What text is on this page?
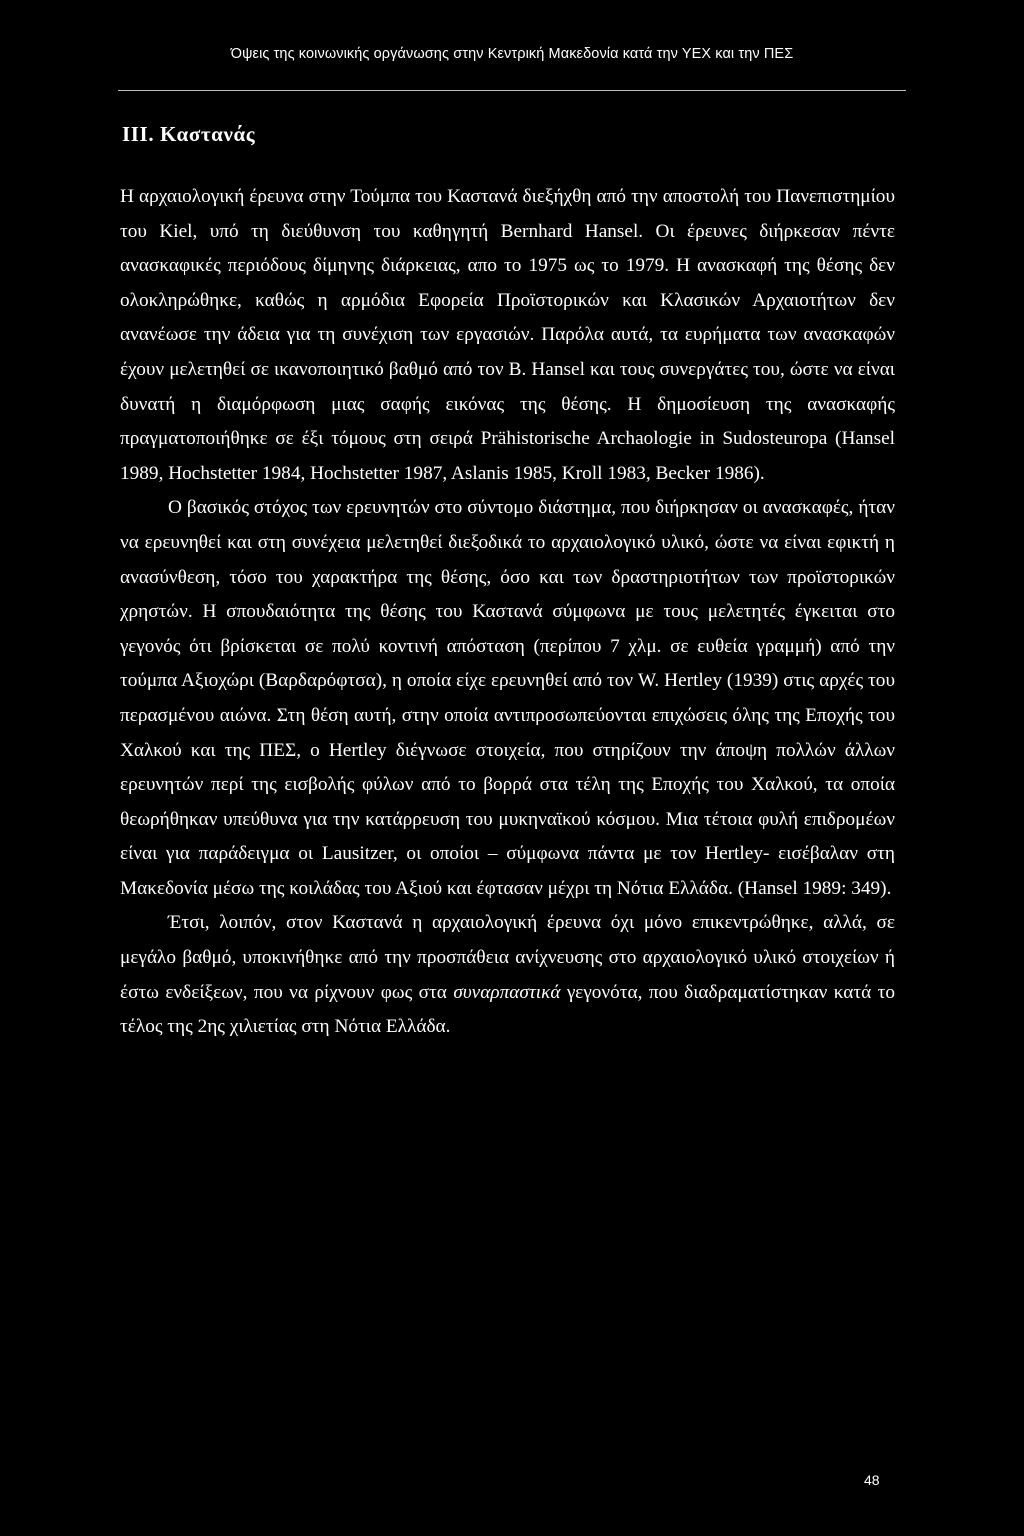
Όψεις της κοινωνικής οργάνωσης στην Κεντρική Μακεδονία κατά την ΥΕΧ και την ΠΕΣ
III. Καστανάς

Η αρχαιολογική έρευνα στην Τούμπα του Καστανά διεξήχθη από την αποστολή του Πανεπιστημίου του Kiel, υπό τη διεύθυνση του καθηγητή Bernhard Hansel. Οι έρευνες διήρκεσαν πέντε ανασκαφικές περιόδους δίμηνης διάρκειας, απο το 1975 ως το 1979. Η ανασκαφή της θέσης δεν ολοκληρώθηκε, καθώς η αρμόδια Εφορεία Προϊστορικών και Κλασικών Αρχαιοτήτων δεν ανανέωσε την άδεια για τη συνέχιση των εργασιών. Παρόλα αυτά, τα ευρήματα των ανασκαφών έχουν μελετηθεί σε ικανοποιητικό βαθμό από τον Β. Hansel και τους συνεργάτες του, ώστε να είναι δυνατή η διαμόρφωση μιας σαφής εικόνας της θέσης. Η δημοσίευση της ανασκαφής πραγματοποιήθηκε σε έξι τόμους στη σειρά Prähistorische Archaologie in Sudosteuropa (Hansel 1989, Hochstetter 1984, Hochstetter 1987, Aslanis 1985, Kroll 1983, Becker 1986).

Ο βασικός στόχος των ερευνητών στο σύντομο διάστημα, που διήρκησαν οι ανασκαφές, ήταν να ερευνηθεί και στη συνέχεια μελετηθεί διεξοδικά το αρχαιολογικό υλικό, ώστε να είναι εφικτή η ανασύνθεση, τόσο του χαρακτήρα της θέσης, όσο και των δραστηριοτήτων των προϊστορικών χρηστών. Η σπουδαιότητα της θέσης του Καστανά σύμφωνα με τους μελετητές έγκειται στο γεγονός ότι βρίσκεται σε πολύ κοντινή απόσταση (περίπου 7 χλμ. σε ευθεία γραμμή) από την τούμπα Αξιοχώρι (Βαρδαρόφτσα), η οποία είχε ερευνηθεί από τον W. Hertley (1939) στις αρχές του περασμένου αιώνα. Στη θέση αυτή, στην οποία αντιπροσωπεύονται επιχώσεις όλης της Εποχής του Χαλκού και της ΠΕΣ, ο Hertley διέγνωσε στοιχεία, που στηρίζουν την άποψη πολλών άλλων ερευνητών περί της εισβολής φύλων από το βορρά στα τέλη της Εποχής του Χαλκού, τα οποία θεωρήθηκαν υπεύθυνα για την κατάρρευση του μυκηναϊκού κόσμου. Μια τέτοια φυλή επιδρομέων είναι για παράδειγμα οι Lausitzer, οι οποίοι – σύμφωνα πάντα με τον Hertley- εισέβαλαν στη Μακεδονία μέσω της κοιλάδας του Αξιού και έφτασαν μέχρι τη Νότια Ελλάδα. (Hansel 1989: 349).

Έτσι, λοιπόν, στον Καστανά η αρχαιολογική έρευνα όχι μόνο επικεντρώθηκε, αλλά, σε μεγάλο βαθμό, υποκινήθηκε από την προσπάθεια ανίχνευσης στο αρχαιολογικό υλικό στοιχείων ή έστω ενδείξεων, που να ρίχνουν φως στα συναρπαστικά γεγονότα, που διαδραματίστηκαν κατά το τέλος της 2ης χιλιετίας στη Νότια Ελλάδα.

48
